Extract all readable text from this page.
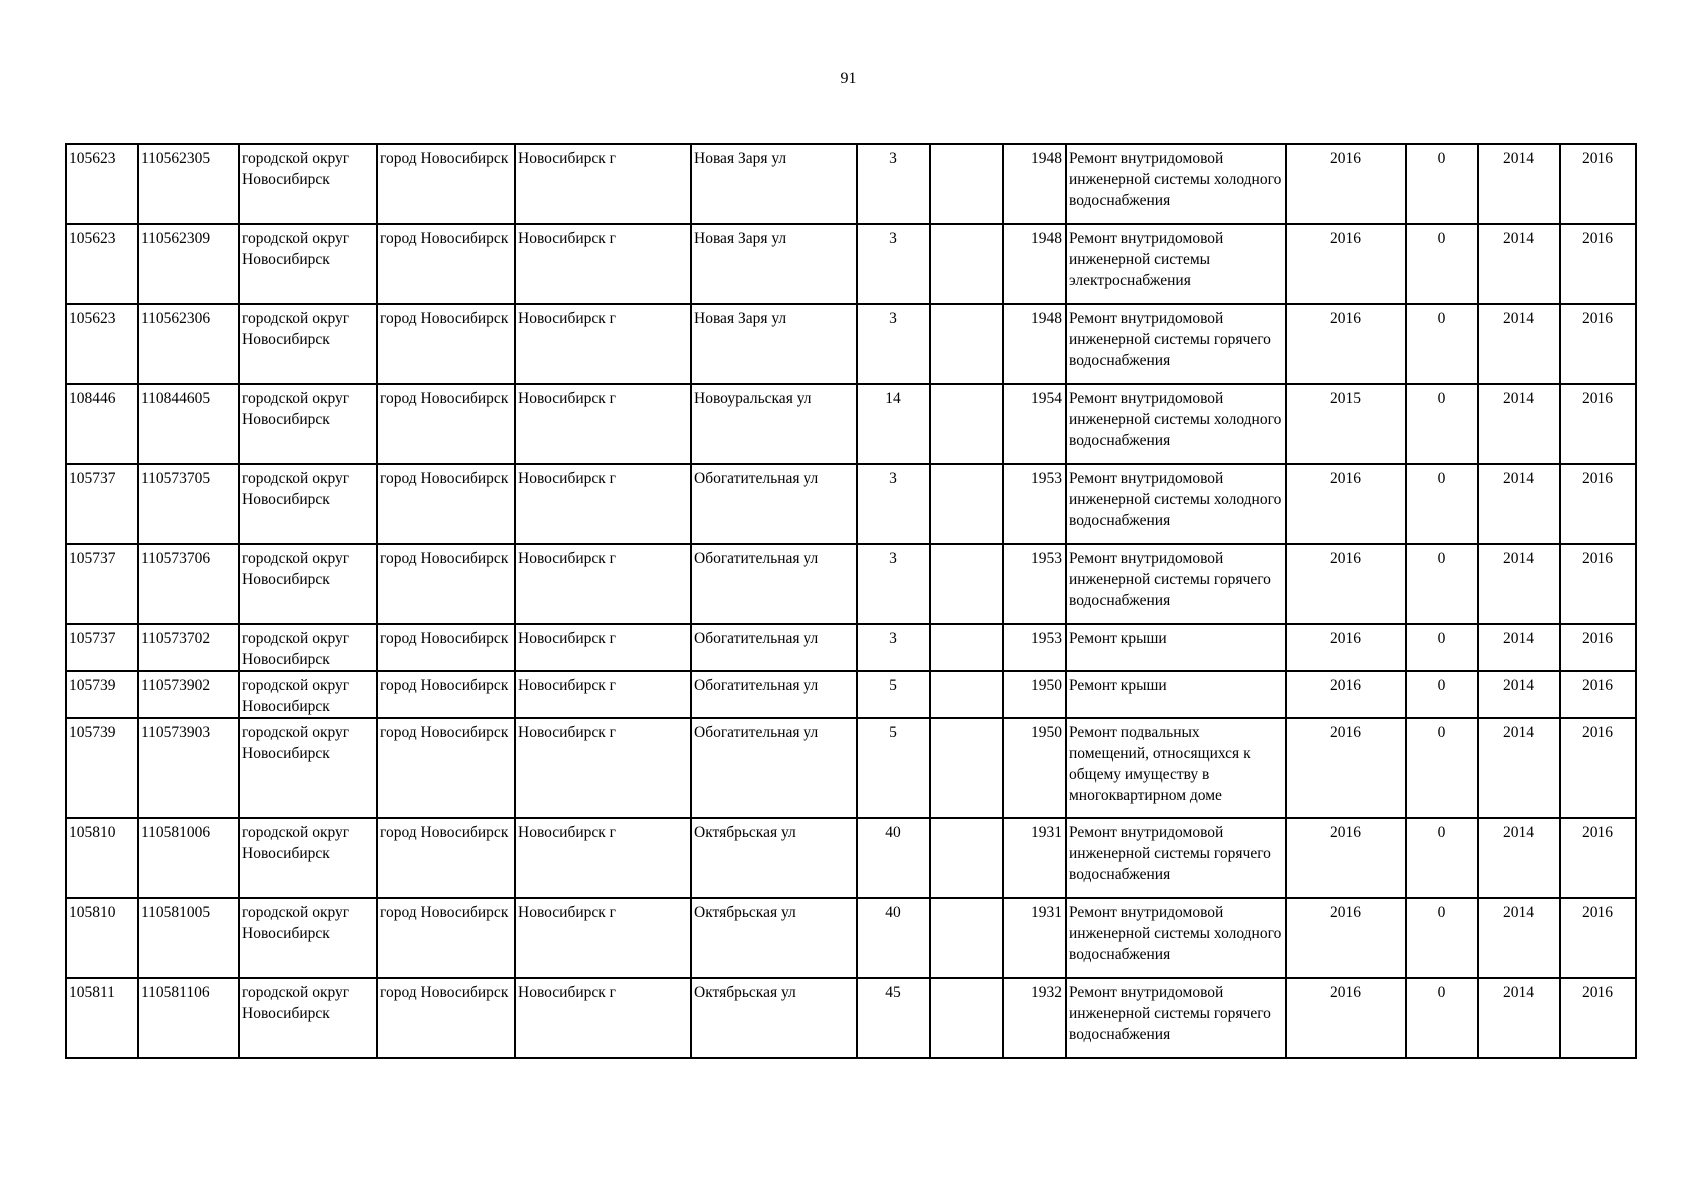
91
105623	110562305	городской округ Новосибирск	город Новосибирск	Новосибирск г	Новая Заря ул	3		1948	Ремонт внутридомовой инженерной системы холодного водоснабжения	2016	0	2014	2016
105623	110562309	городской округ Новосибирск	город Новосибирск	Новосибирск г	Новая Заря ул	3		1948	Ремонт внутридомовой инженерной системы электроснабжения	2016	0	2014	2016
105623	110562306	городской округ Новосибирск	город Новосибирск	Новосибирск г	Новая Заря ул	3		1948	Ремонт внутридомовой инженерной системы горячего водоснабжения	2016	0	2014	2016
108446	110844605	городской округ Новосибирск	город Новосибирск	Новосибирск г	Новоуральская ул	14		1954	Ремонт внутридомовой инженерной системы холодного водоснабжения	2015	0	2014	2016
105737	110573705	городской округ Новосибирск	город Новосибирск	Новосибирск г	Обогатительная ул	3		1953	Ремонт внутридомовой инженерной системы холодного водоснабжения	2016	0	2014	2016
105737	110573706	городской округ Новосибирск	город Новосибирск	Новосибирск г	Обогатительная ул	3		1953	Ремонт внутридомовой инженерной системы горячего водоснабжения	2016	0	2014	2016
105737	110573702	городской округ Новосибирск	город Новосибирск	Новосибирск г	Обогатительная ул	3		1953	Ремонт крыши	2016	0	2014	2016
105739	110573902	городской округ Новосибирск	город Новосибирск	Новосибирск г	Обогатительная ул	5		1950	Ремонт крыши	2016	0	2014	2016
105739	110573903	городской округ Новосибирск	город Новосибирск	Новосибирск г	Обогатительная ул	5		1950	Ремонт подвальных помещений, относящихся к общему имуществу в многоквартирном доме	2016	0	2014	2016
105810	110581006	городской округ Новосибирск	город Новосибирск	Новосибирск г	Октябрьская ул	40		1931	Ремонт внутридомовой инженерной системы горячего водоснабжения	2016	0	2014	2016
105810	110581005	городской округ Новосибирск	город Новосибирск	Новосибирск г	Октябрьская ул	40		1931	Ремонт внутридомовой инженерной системы холодного водоснабжения	2016	0	2014	2016
105811	110581106	городской округ Новосибирск	город Новосибирск	Новосибирск г	Октябрьская ул	45		1932	Ремонт внутридомовой инженерной системы горячего водоснабжения	2016	0	2014	2016
